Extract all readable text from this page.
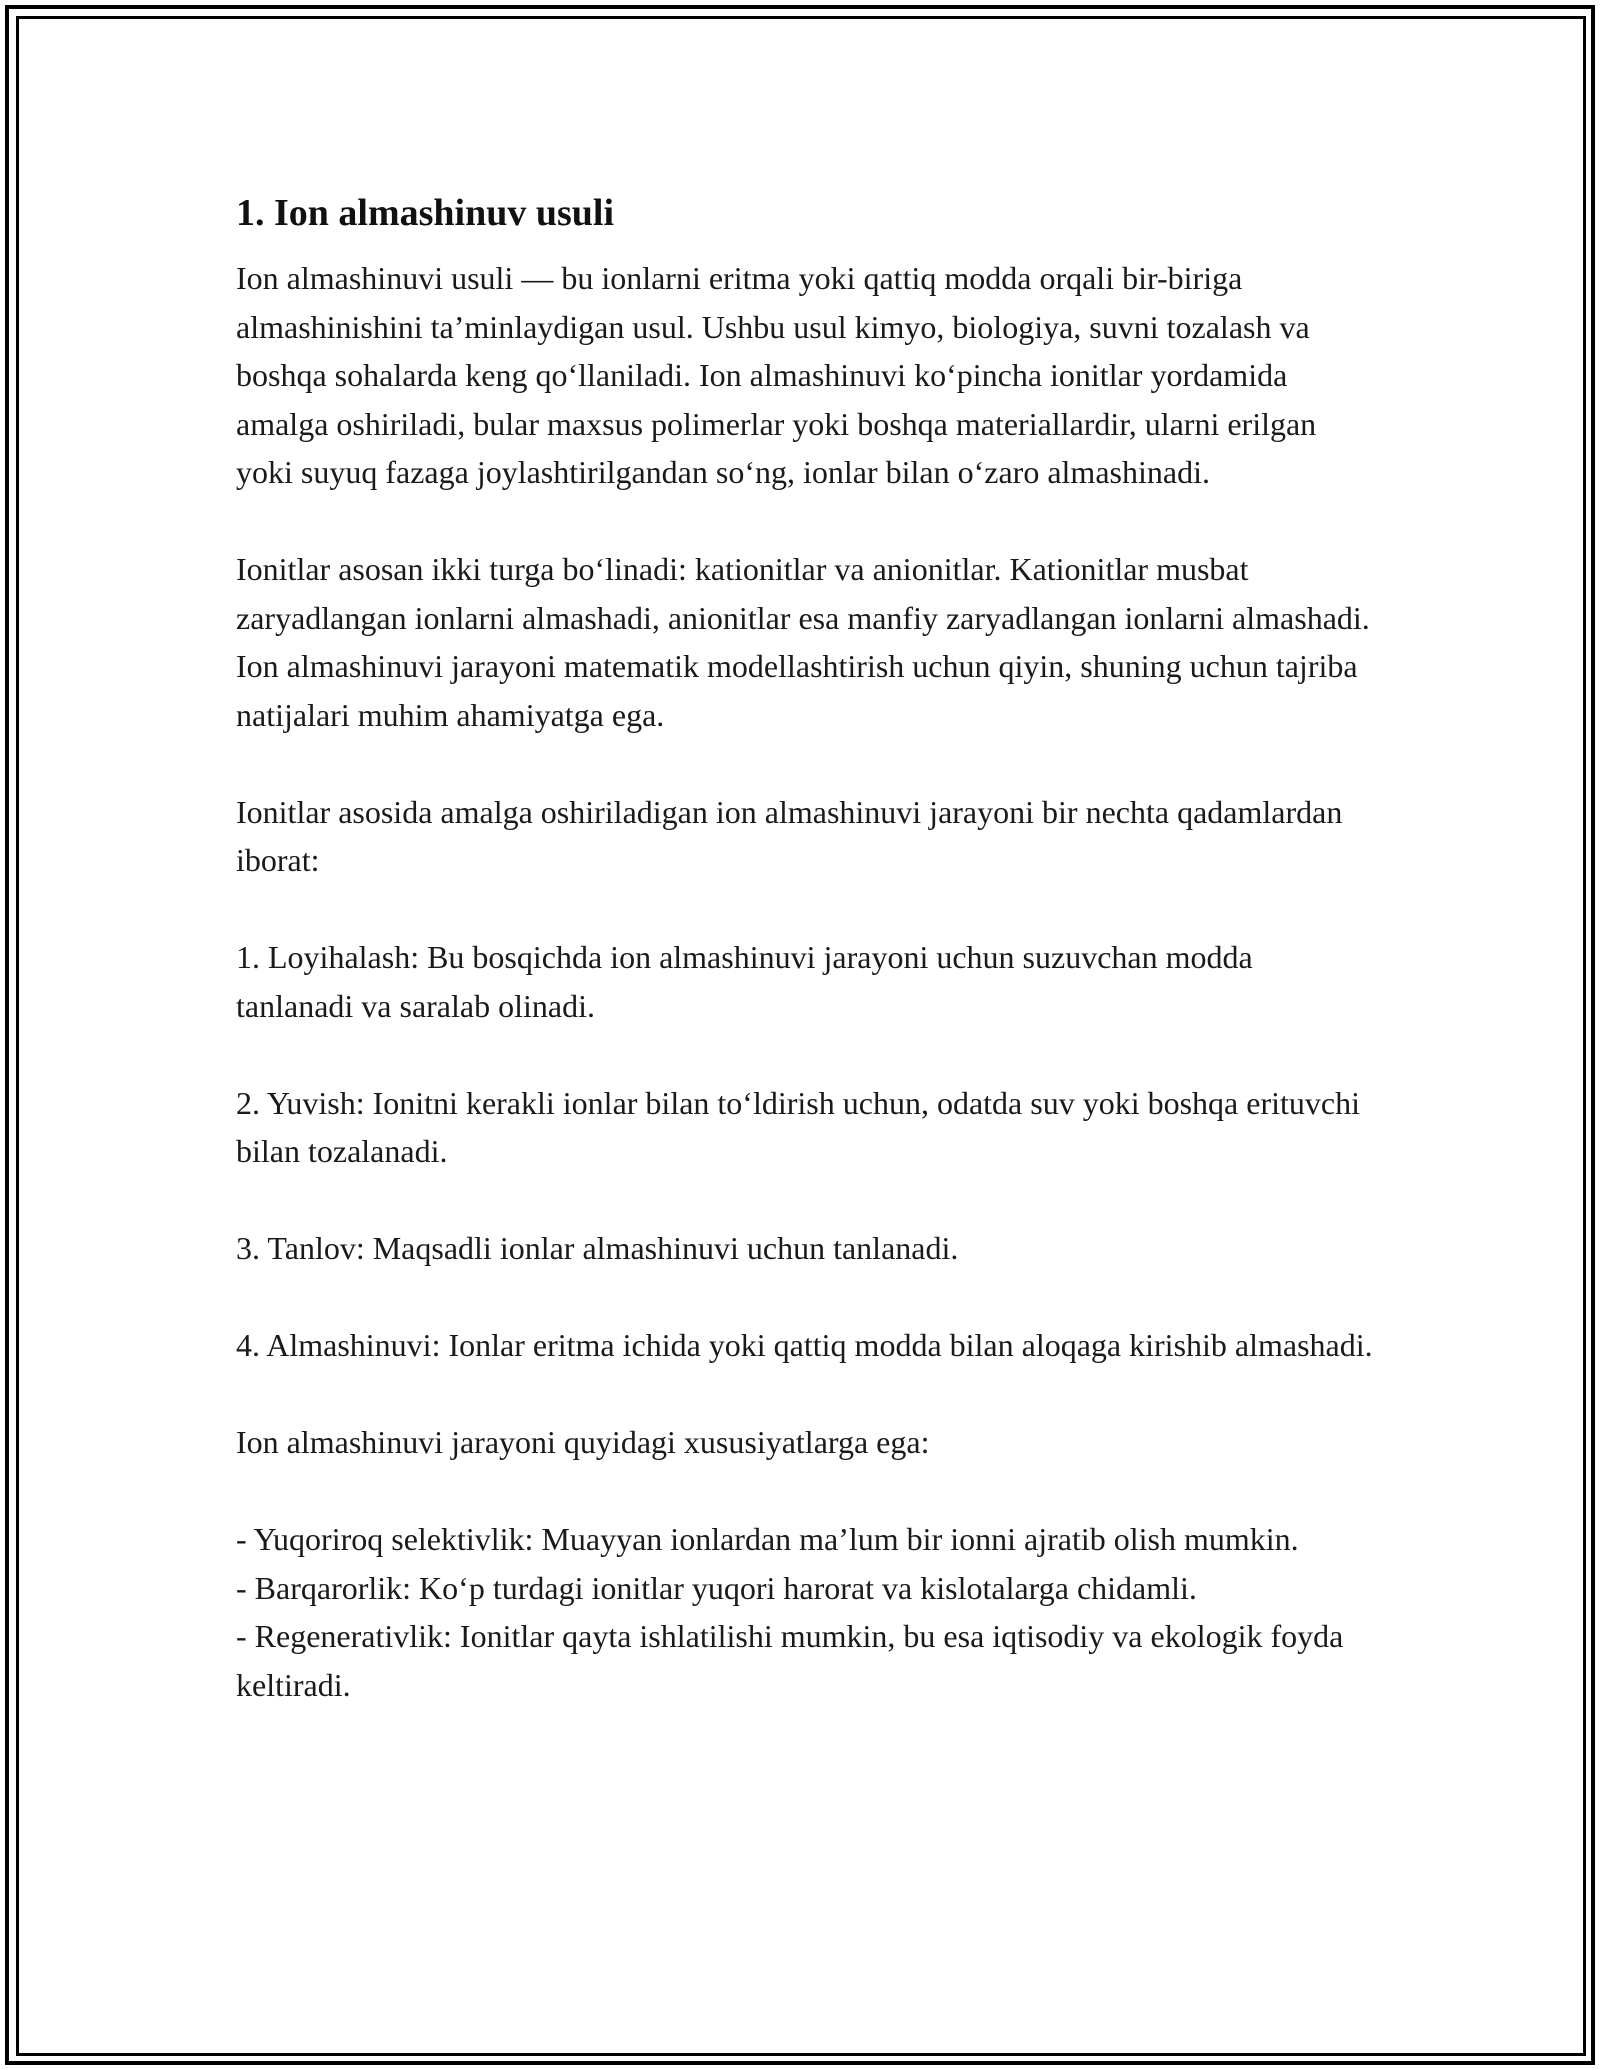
1. Ion almashinuv usuli

Ion almashinuvi usuli — bu ionlarni eritma yoki qattiq modda orqali bir-biriga almashinishini ta’minlaydigan usul. Ushbu usul kimyo, biologiya, suvni tozalash va boshqa sohalarda keng qo‘llaniladi. Ion almashinuvi ko‘pincha ionitlar yordamida amalga oshiriladi, bular maxsus polimerlar yoki boshqa materiallardir, ularni erilgan yoki suyuq fazaga joylashtirilgandan so‘ng, ionlar bilan o‘zaro almashinadi.

Ionitlar asosan ikki turga bo‘linadi: kationitlar va anionitlar. Kationitlar musbat zaryadlangan ionlarni almashadi, anionitlar esa manfiy zaryadlangan ionlarni almashadi. Ion almashinuvi jarayoni matematik modellashtirish uchun qiyin, shuning uchun tajriba natijalari muhim ahamiyatga ega.

Ionitlar asosida amalga oshiriladigan ion almashinuvi jarayoni bir nechta qadamlardan iborat:

1. Loyihalash: Bu bosqichda ion almashinuvi jarayoni uchun suzuvchan modda tanlanadi va saralab olinadi.

2. Yuvish: Ionitni kerakli ionlar bilan to‘ldirish uchun, odatda suv yoki boshqa erituvchi bilan tozalanadi.

3. Tanlov: Maqsadli ionlar almashinuvi uchun tanlanadi.

4. Almashinuvi: Ionlar eritma ichida yoki qattiq modda bilan aloqaga kirishib almashadi.

Ion almashinuvi jarayoni quyidagi xususiyatlarga ega:

- Yuqoriroq selektivlik: Muayyan ionlardan ma’lum bir ionni ajratib olish mumkin.

- Barqarorlik: Ko‘p turdagi ionitlar yuqori harorat va kislotalarga chidamli.

- Regenerativlik: Ionitlar qayta ishlatilishi mumkin, bu esa iqtisodiy va ekologik foyda keltiradi.
